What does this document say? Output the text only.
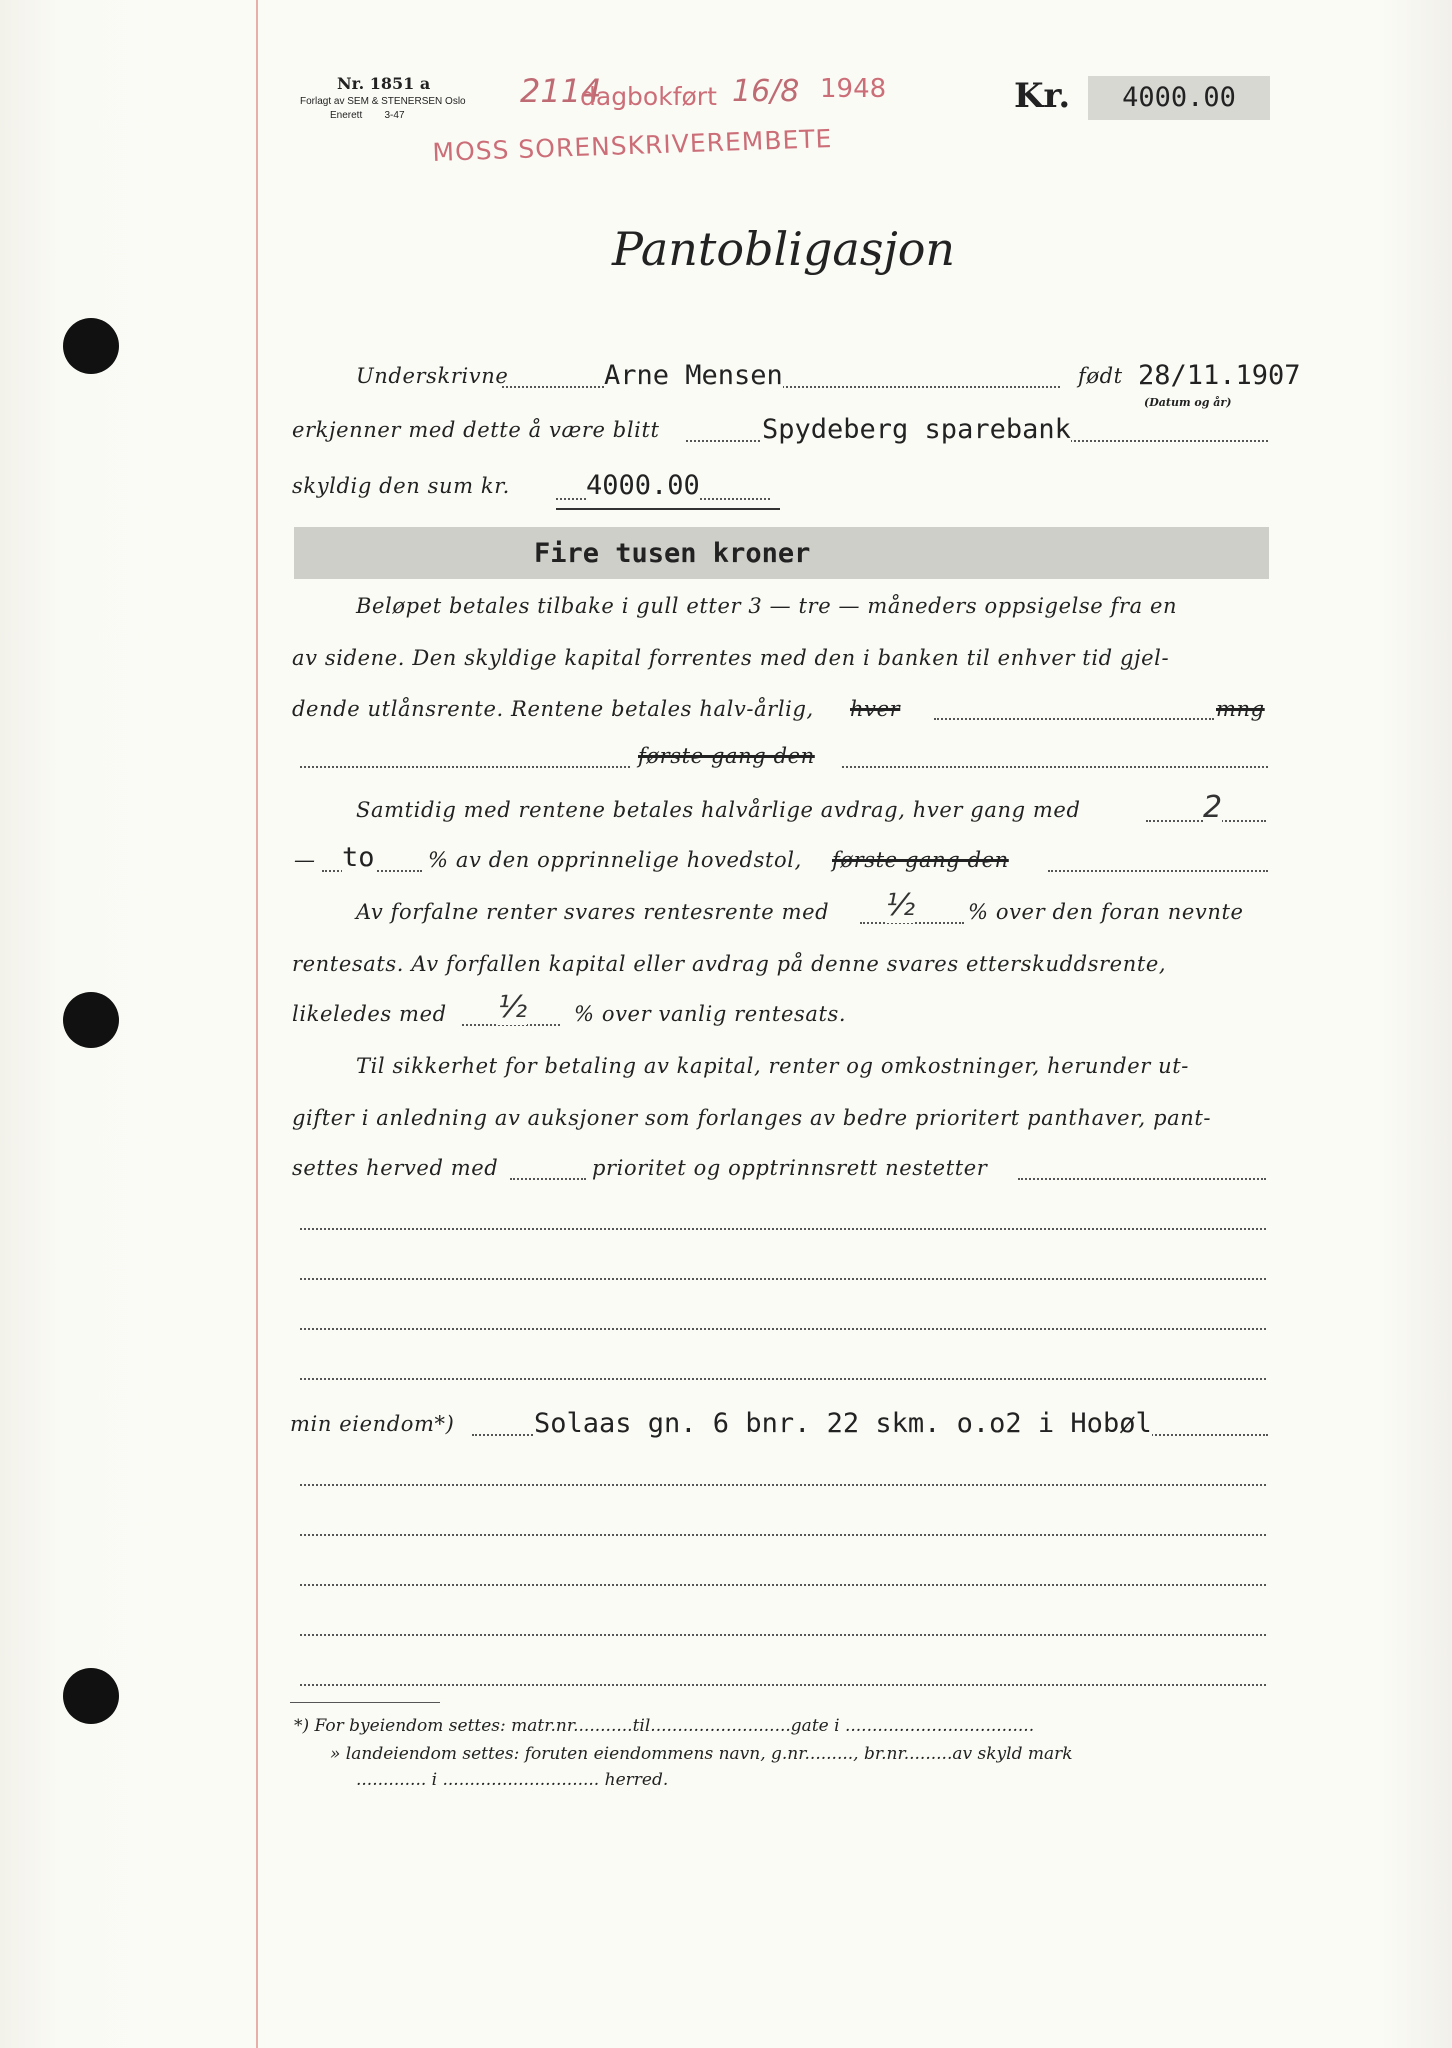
Nr. 1851 a
Forlagt av SEM & STENERSEN Oslo
Enerett 3-47
2114
dagbokført 16/8 1948
MOSS SORENSKRIVEREMBETE
Kr.	4000.00
Pantobligasjon
Underskrivne	Arne Mensen	født 28/11.1907
(Datum og år)
erkjenner med dette å være blitt	Spydeberg sparebank
skyldig den sum kr.	4000.00
Fire tusen kroner
Beløpet betales tilbake i gull etter 3 — tre — måneders oppsigelse fra en
av sidene. Den skyldige kapital forrentes med den i banken til enhver tid gjel-
dende utlånsrente. Rentene betales halv-årlig, hver	mng
første gang den
Samtidig med rentene betales halvårlige avdrag, hver gang med	2
— to	% av den opprinnelige hovedstol, første gang den
Av forfalne renter svares rentesrente med ½	% over den foran nevnte
rentesats. Av forfallen kapital eller avdrag på denne svares etterskuddsrente,
likeledes med ½ % over vanlig rentesats.
Til sikkerhet for betaling av kapital, renter og omkostninger, herunder ut-
gifter i anledning av auksjoner som forlanges av bedre prioritert panthaver, pant-
settes herved med	prioritet og opptrinnsrett nestetter
min eiendom*)	Solaas gn. 6 bnr. 22 skm. o.o2 i Hobøl
*) For byeiendom settes: matr.nr...........til..........................gate i ...................................
» landeiendom settes: foruten eiendommens navn, g.nr........., br.nr.........av skyld mark
............. i ............................. herred.
